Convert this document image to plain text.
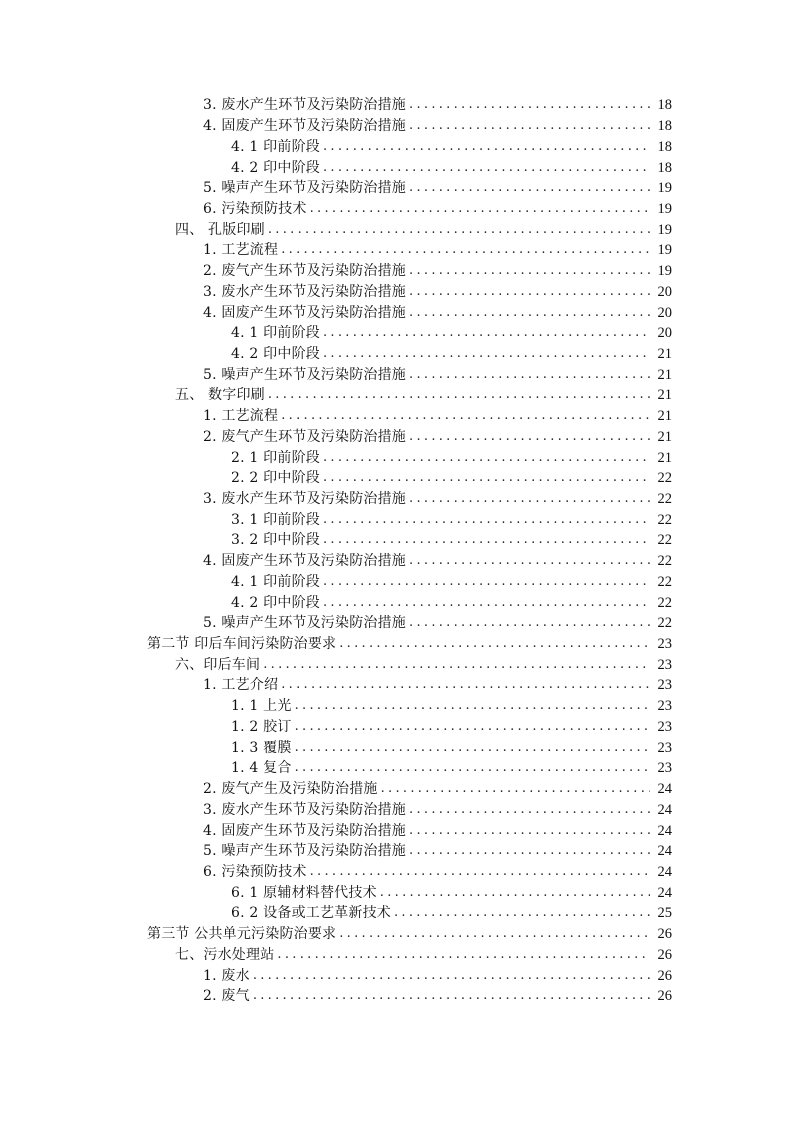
3. 废水产生环节及污染防治措施 .....	18
4. 固废产生环节及污染防治措施 .....	18
4. 1 印前阶段 .....	18
4. 2 印中阶段 .....	18
5. 噪声产生环节及污染防治措施 .....	19
6. 污染预防技术 .....	19
四、 孔版印刷 .....	19
1. 工艺流程 .....	19
2. 废气产生环节及污染防治措施 .....	19
3. 废水产生环节及污染防治措施 .....	20
4. 固废产生环节及污染防治措施 .....	20
4. 1 印前阶段 .....	20
4. 2 印中阶段 .....	21
5. 噪声产生环节及污染防治措施 .....	21
五、 数字印刷 .....	21
1. 工艺流程 .....	21
2. 废气产生环节及污染防治措施 .....	21
2. 1 印前阶段 .....	21
2. 2 印中阶段 .....	22
3. 废水产生环节及污染防治措施 .....	22
3. 1 印前阶段 .....	22
3. 2 印中阶段 .....	22
4. 固废产生环节及污染防治措施 .....	22
4. 1 印前阶段 .....	22
4. 2 印中阶段 .....	22
5. 噪声产生环节及污染防治措施 .....	22
第二节 印后车间污染防治要求 .....	23
六、印后车间 .....	23
1. 工艺介绍 .....	23
1. 1 上光 .....	23
1. 2 胶订 .....	23
1. 3 覆膜 .....	23
1. 4 复合 .....	23
2. 废气产生及污染防治措施 .....	24
3. 废水产生环节及污染防治措施 .....	24
4. 固废产生环节及污染防治措施 .....	24
5. 噪声产生环节及污染防治措施 .....	24
6. 污染预防技术 .....	24
6. 1 原辅材料替代技术 .....	24
6. 2 设备或工艺革新技术 .....	25
第三节 公共单元污染防治要求 .....	26
七、污水处理站 .....	26
1. 废水 .....	26
2. 废气 .....	26
